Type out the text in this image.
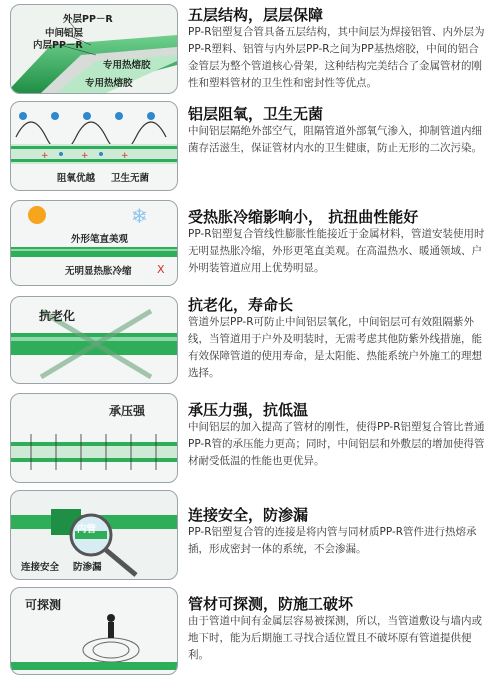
外层PP－R
中间铝层
内层PP－R
专用热熔胶
专用热熔胶
五层结构，层层保障
PP-R铝塑复合管具备五层结构，其中间层为焊接铝管、内外层为PP-R塑料、铝管与内外层PP-R之间为PP基热熔胶，中间的铝合金管层为整个管道核心骨架，这种结构完美结合了金属管材的刚性和塑料管材的卫生性和密封性等优点。
+	+	+
阻氧优越 卫生无菌
铝层阻氧，卫生无菌
中间铝层隔绝外部空气，阻隔管道外部氧气渗入，抑制管道内细菌存活滋生，保证管材内水的卫生健康，防止无形的二次污染。
❄
X
外形笔直美观
无明显热胀冷缩
受热胀冷缩影响小， 抗扭曲性能好
PP-R铝塑复合管线性膨胀性能接近于金属材料，管道安装使用时无明显热胀冷缩，外形更笔直美观。在高温热水、暖通领域、户外明装管道应用上优势明显。
抗老化
抗老化，寿命长
管道外层PP-R可防止中间铝层氧化，中间铝层可有效阻隔紫外线，当管道用于户外及明装时，无需考虑其他防紫外线措施，能有效保障管道的使用寿命，是太阳能、热能系统户外施工的理想选择。
承压强	承压力强，抗低温
中间铝层的加入提高了管材的刚性，使得PP-R铝塑复合管比普通PP-R管的承压能力更高；同时，中间铝层和外敷层的增加使得管材耐受低温的性能也更优异。
内管
连接安全 防渗漏
连接安全，防渗漏
PP-R铝塑复合管的连接是将内管与同材质PP-R管件进行热熔承插，形成密封一体的系统，不会渗漏。
可探测	管材可探测，防施工破坏
由于管道中间有金属层容易被探测，所以，当管道敷设与墙内或地下时，能为后期施工寻找合适位置且不破坏原有管道提供便利。
